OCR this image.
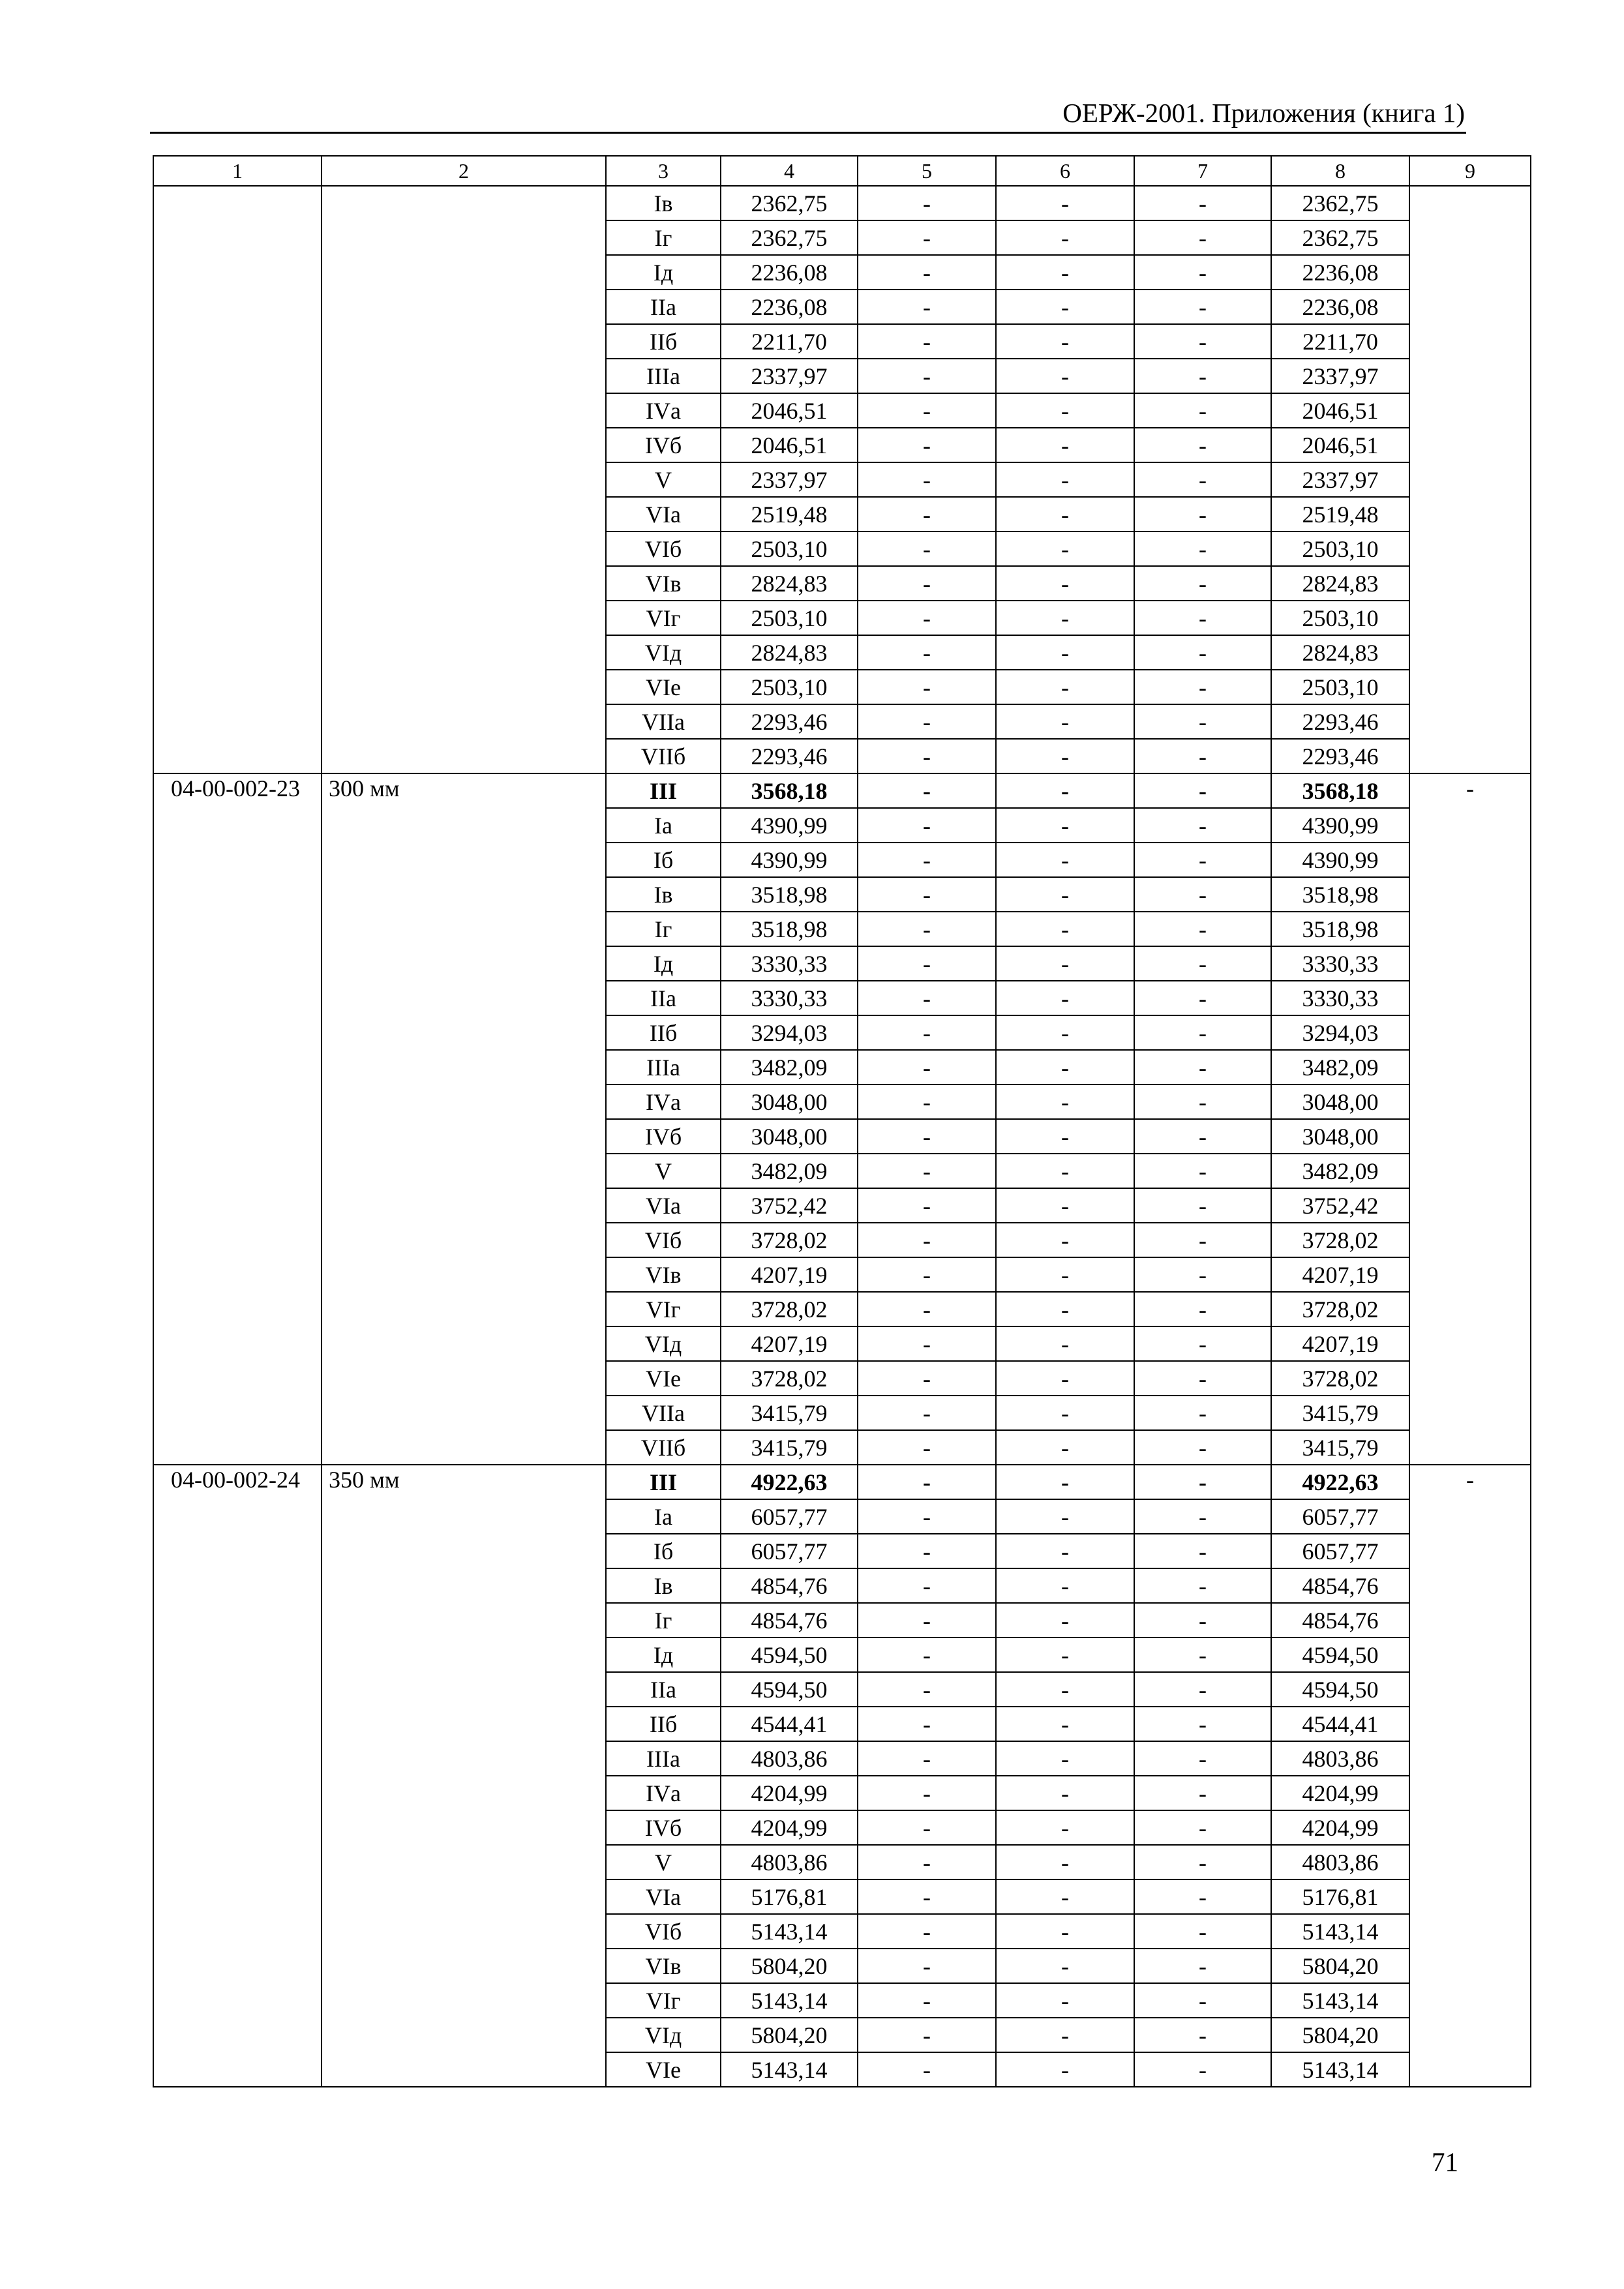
ОЕРЖ-2001. Приложения (книга 1)
1	2	3	4	5	6	7	8	9
		Iв	2362,75	-	-	-	2362,75	
		Iг	2362,75	-	-	-	2362,75	
		Iд	2236,08	-	-	-	2236,08	
		IIа	2236,08	-	-	-	2236,08	
		IIб	2211,70	-	-	-	2211,70	
		IIIа	2337,97	-	-	-	2337,97	
		IVа	2046,51	-	-	-	2046,51	
		IVб	2046,51	-	-	-	2046,51	
		V	2337,97	-	-	-	2337,97	
		VIа	2519,48	-	-	-	2519,48	
		VIб	2503,10	-	-	-	2503,10	
		VIв	2824,83	-	-	-	2824,83	
		VIг	2503,10	-	-	-	2503,10	
		VIд	2824,83	-	-	-	2824,83	
		VIе	2503,10	-	-	-	2503,10	
		VIIа	2293,46	-	-	-	2293,46	
		VIIб	2293,46	-	-	-	2293,46	
04-00-002-23	300 мм	III	3568,18	-	-	-	3568,18	-
		Iа	4390,99	-	-	-	4390,99	
		Iб	4390,99	-	-	-	4390,99	
		Iв	3518,98	-	-	-	3518,98	
		Iг	3518,98	-	-	-	3518,98	
		Iд	3330,33	-	-	-	3330,33	
		IIа	3330,33	-	-	-	3330,33	
		IIб	3294,03	-	-	-	3294,03	
		IIIа	3482,09	-	-	-	3482,09	
		IVа	3048,00	-	-	-	3048,00	
		IVб	3048,00	-	-	-	3048,00	
		V	3482,09	-	-	-	3482,09	
		VIа	3752,42	-	-	-	3752,42	
		VIб	3728,02	-	-	-	3728,02	
		VIв	4207,19	-	-	-	4207,19	
		VIг	3728,02	-	-	-	3728,02	
		VIд	4207,19	-	-	-	4207,19	
		VIе	3728,02	-	-	-	3728,02	
		VIIа	3415,79	-	-	-	3415,79	
		VIIб	3415,79	-	-	-	3415,79	
04-00-002-24	350 мм	III	4922,63	-	-	-	4922,63	-
		Iа	6057,77	-	-	-	6057,77	
		Iб	6057,77	-	-	-	6057,77	
		Iв	4854,76	-	-	-	4854,76	
		Iг	4854,76	-	-	-	4854,76	
		Iд	4594,50	-	-	-	4594,50	
		IIа	4594,50	-	-	-	4594,50	
		IIб	4544,41	-	-	-	4544,41	
		IIIа	4803,86	-	-	-	4803,86	
		IVа	4204,99	-	-	-	4204,99	
		IVб	4204,99	-	-	-	4204,99	
		V	4803,86	-	-	-	4803,86	
		VIа	5176,81	-	-	-	5176,81	
		VIб	5143,14	-	-	-	5143,14	
		VIв	5804,20	-	-	-	5804,20	
		VIг	5143,14	-	-	-	5143,14	
		VIд	5804,20	-	-	-	5804,20	
		VIе	5143,14	-	-	-	5143,14	
71
